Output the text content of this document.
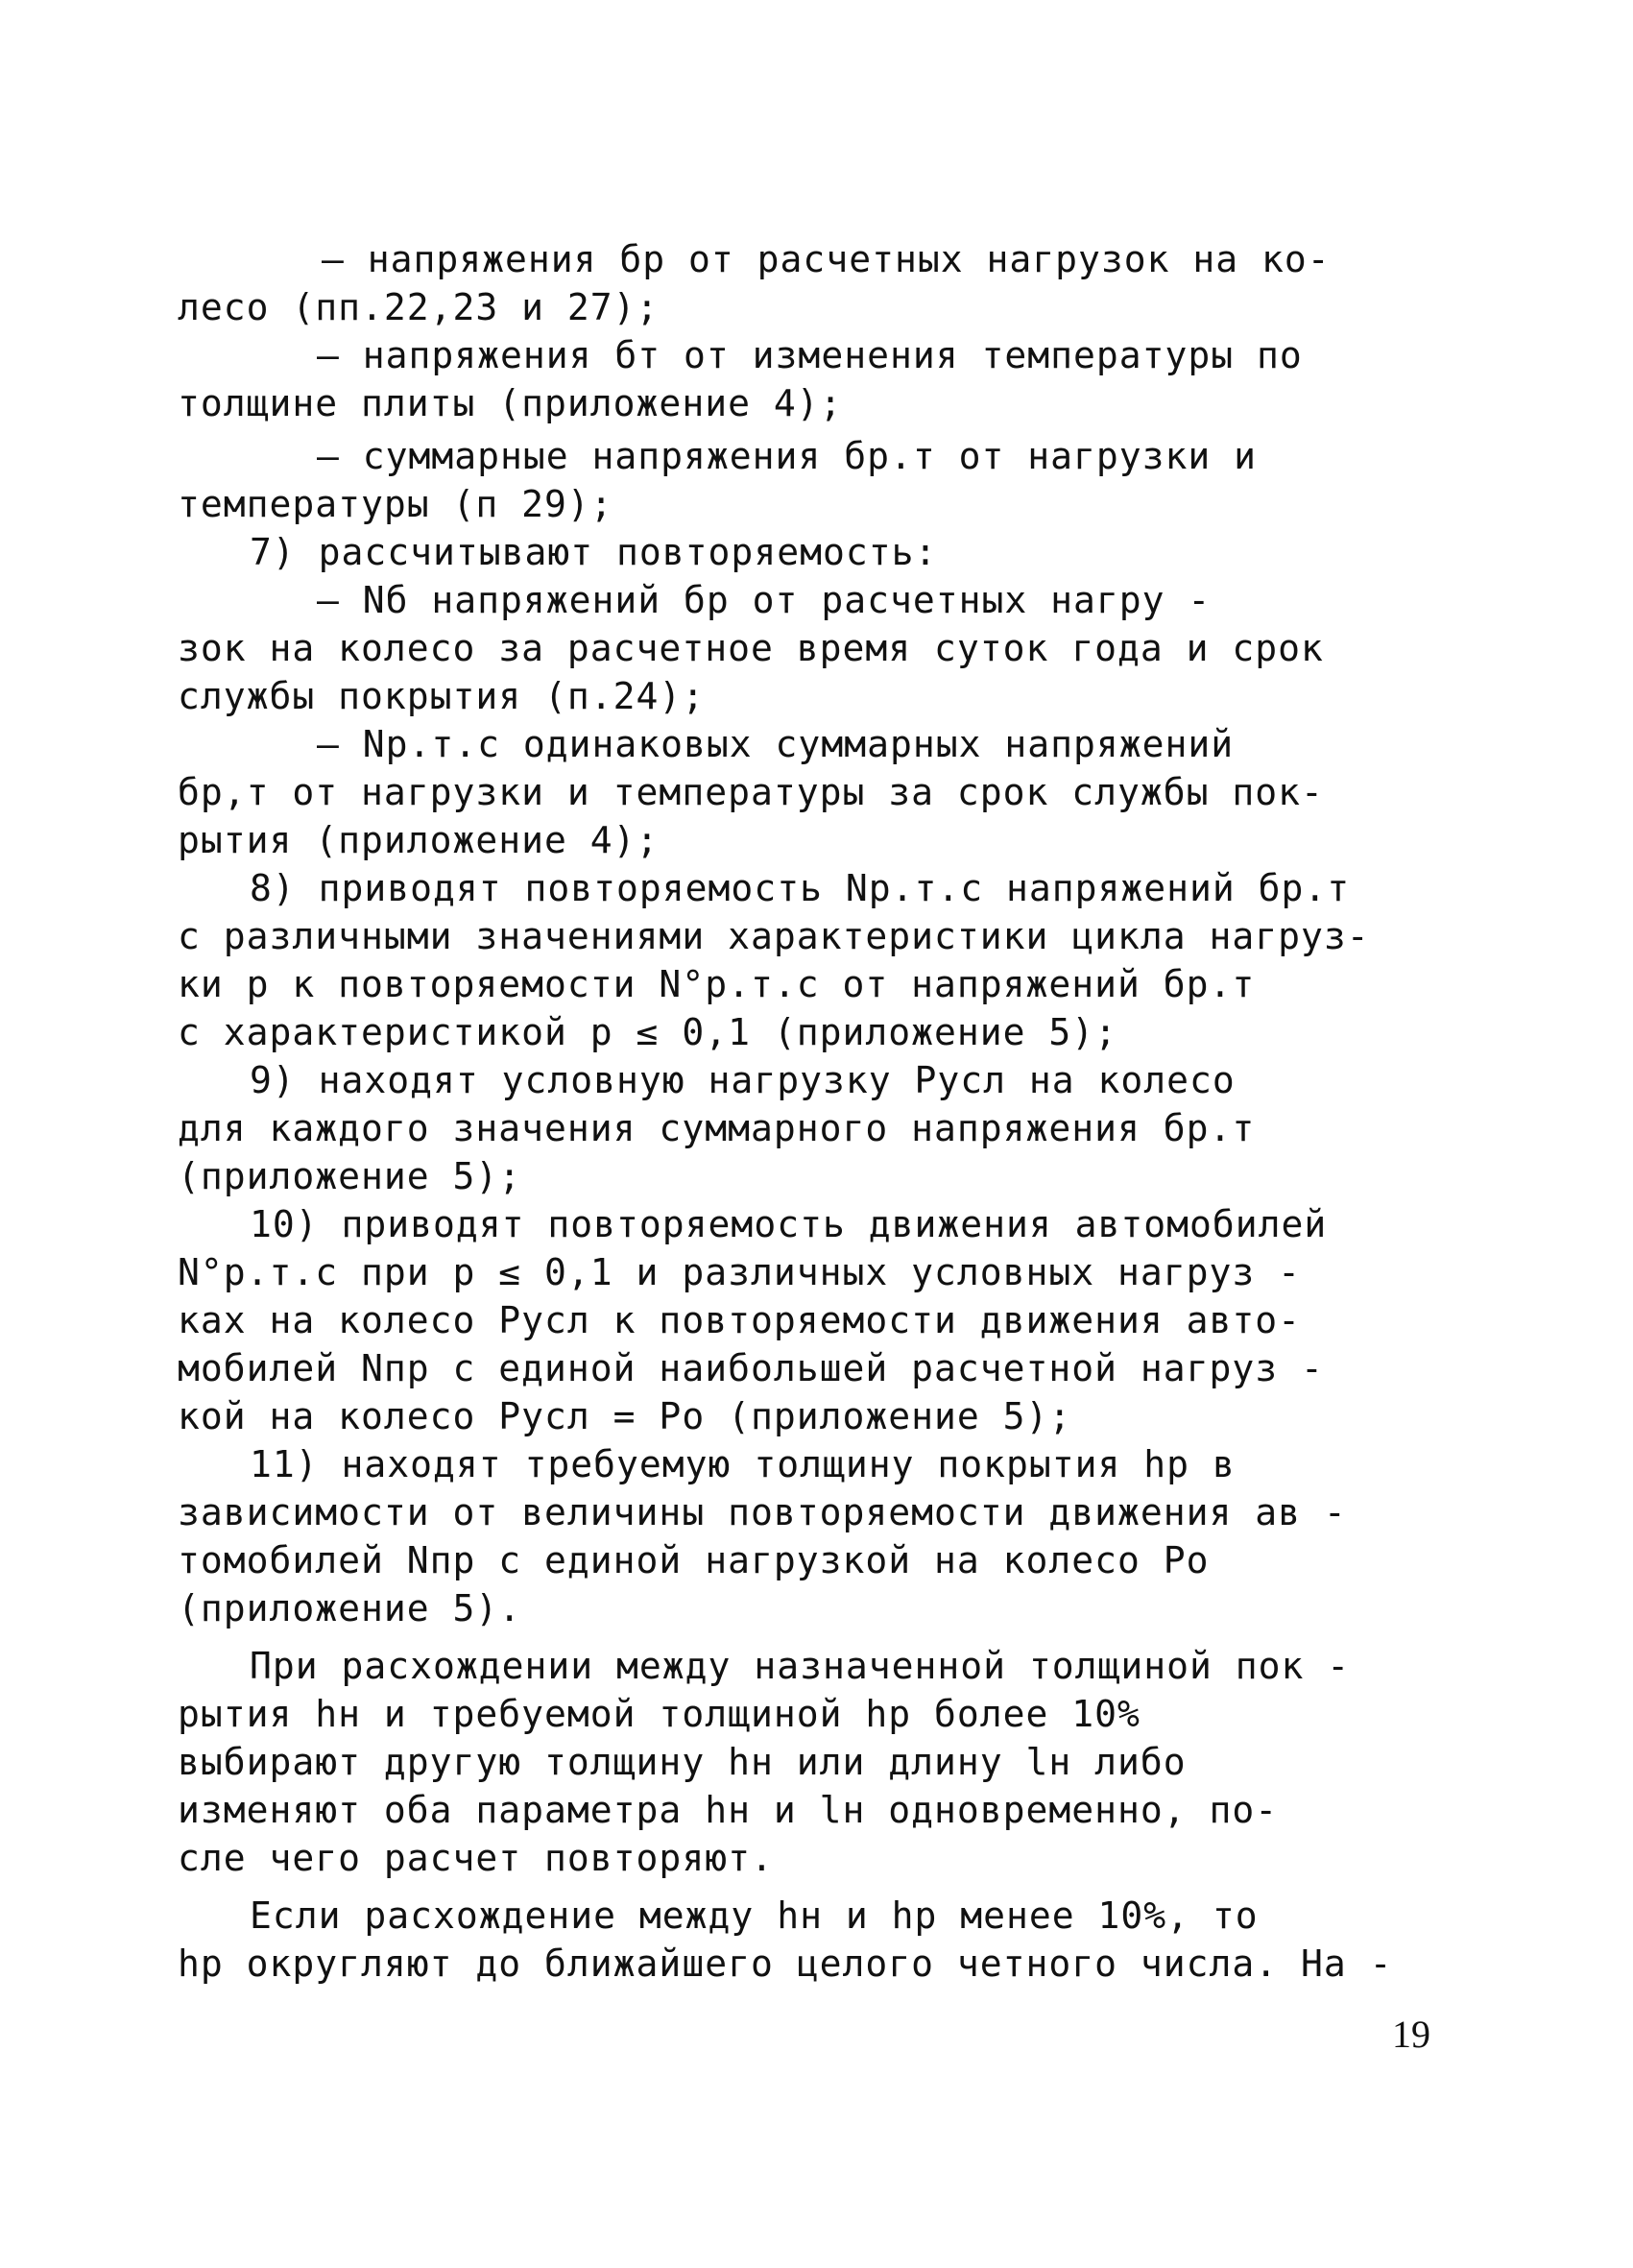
– напряжения бр от расчетных нагрузок на ко-
лесо (пп.22,23 и 27);
– напряжения бт от изменения температуры по
толщине плиты (приложение 4);
– суммарные напряжения бр.т от нагрузки и
температуры (п 29);
7) рассчитывают повторяемость:
– Nб напряжений бр от расчетных нагру -
зок на колесо за расчетное время суток года и срок
службы покрытия (п.24);
– Nр.т.с одинаковых суммарных напряжений
бр,т от нагрузки и температуры за срок службы пок-
рытия (приложение 4);
8) приводят повторяемость Nр.т.с напряжений бр.т
с различными значениями характеристики цикла нагруз-
ки р к повторяемости N°р.т.с от напряжений бр.т
с характеристикой р ≤ 0,1 (приложение 5);
9) находят условную нагрузку Русл на колесо
для каждого значения суммарного напряжения бр.т
(приложение 5);
10) приводят повторяемость движения автомобилей
N°р.т.с при р ≤ 0,1 и различных условных нагруз -
ках на колесо Русл к повторяемости движения авто-
мобилей Nпр с единой наибольшей расчетной нагруз -
кой на колесо Русл = Ро (приложение 5);
11) находят требуемую толщину покрытия hр в
зависимости от величины повторяемости движения ав -
томобилей Nпр с единой нагрузкой на колесо Ро
(приложение 5).
При расхождении между назначенной толщиной пок -
рытия hн и требуемой толщиной hр более 10%
выбирают другую толщину hн или длину lн либо
изменяют оба параметра hн и lн одновременно, по-
сле чего расчет повторяют.
Если расхождение между hн и hр менее 10%, то
hр округляют до ближайшего целого четного числа. На -
19
